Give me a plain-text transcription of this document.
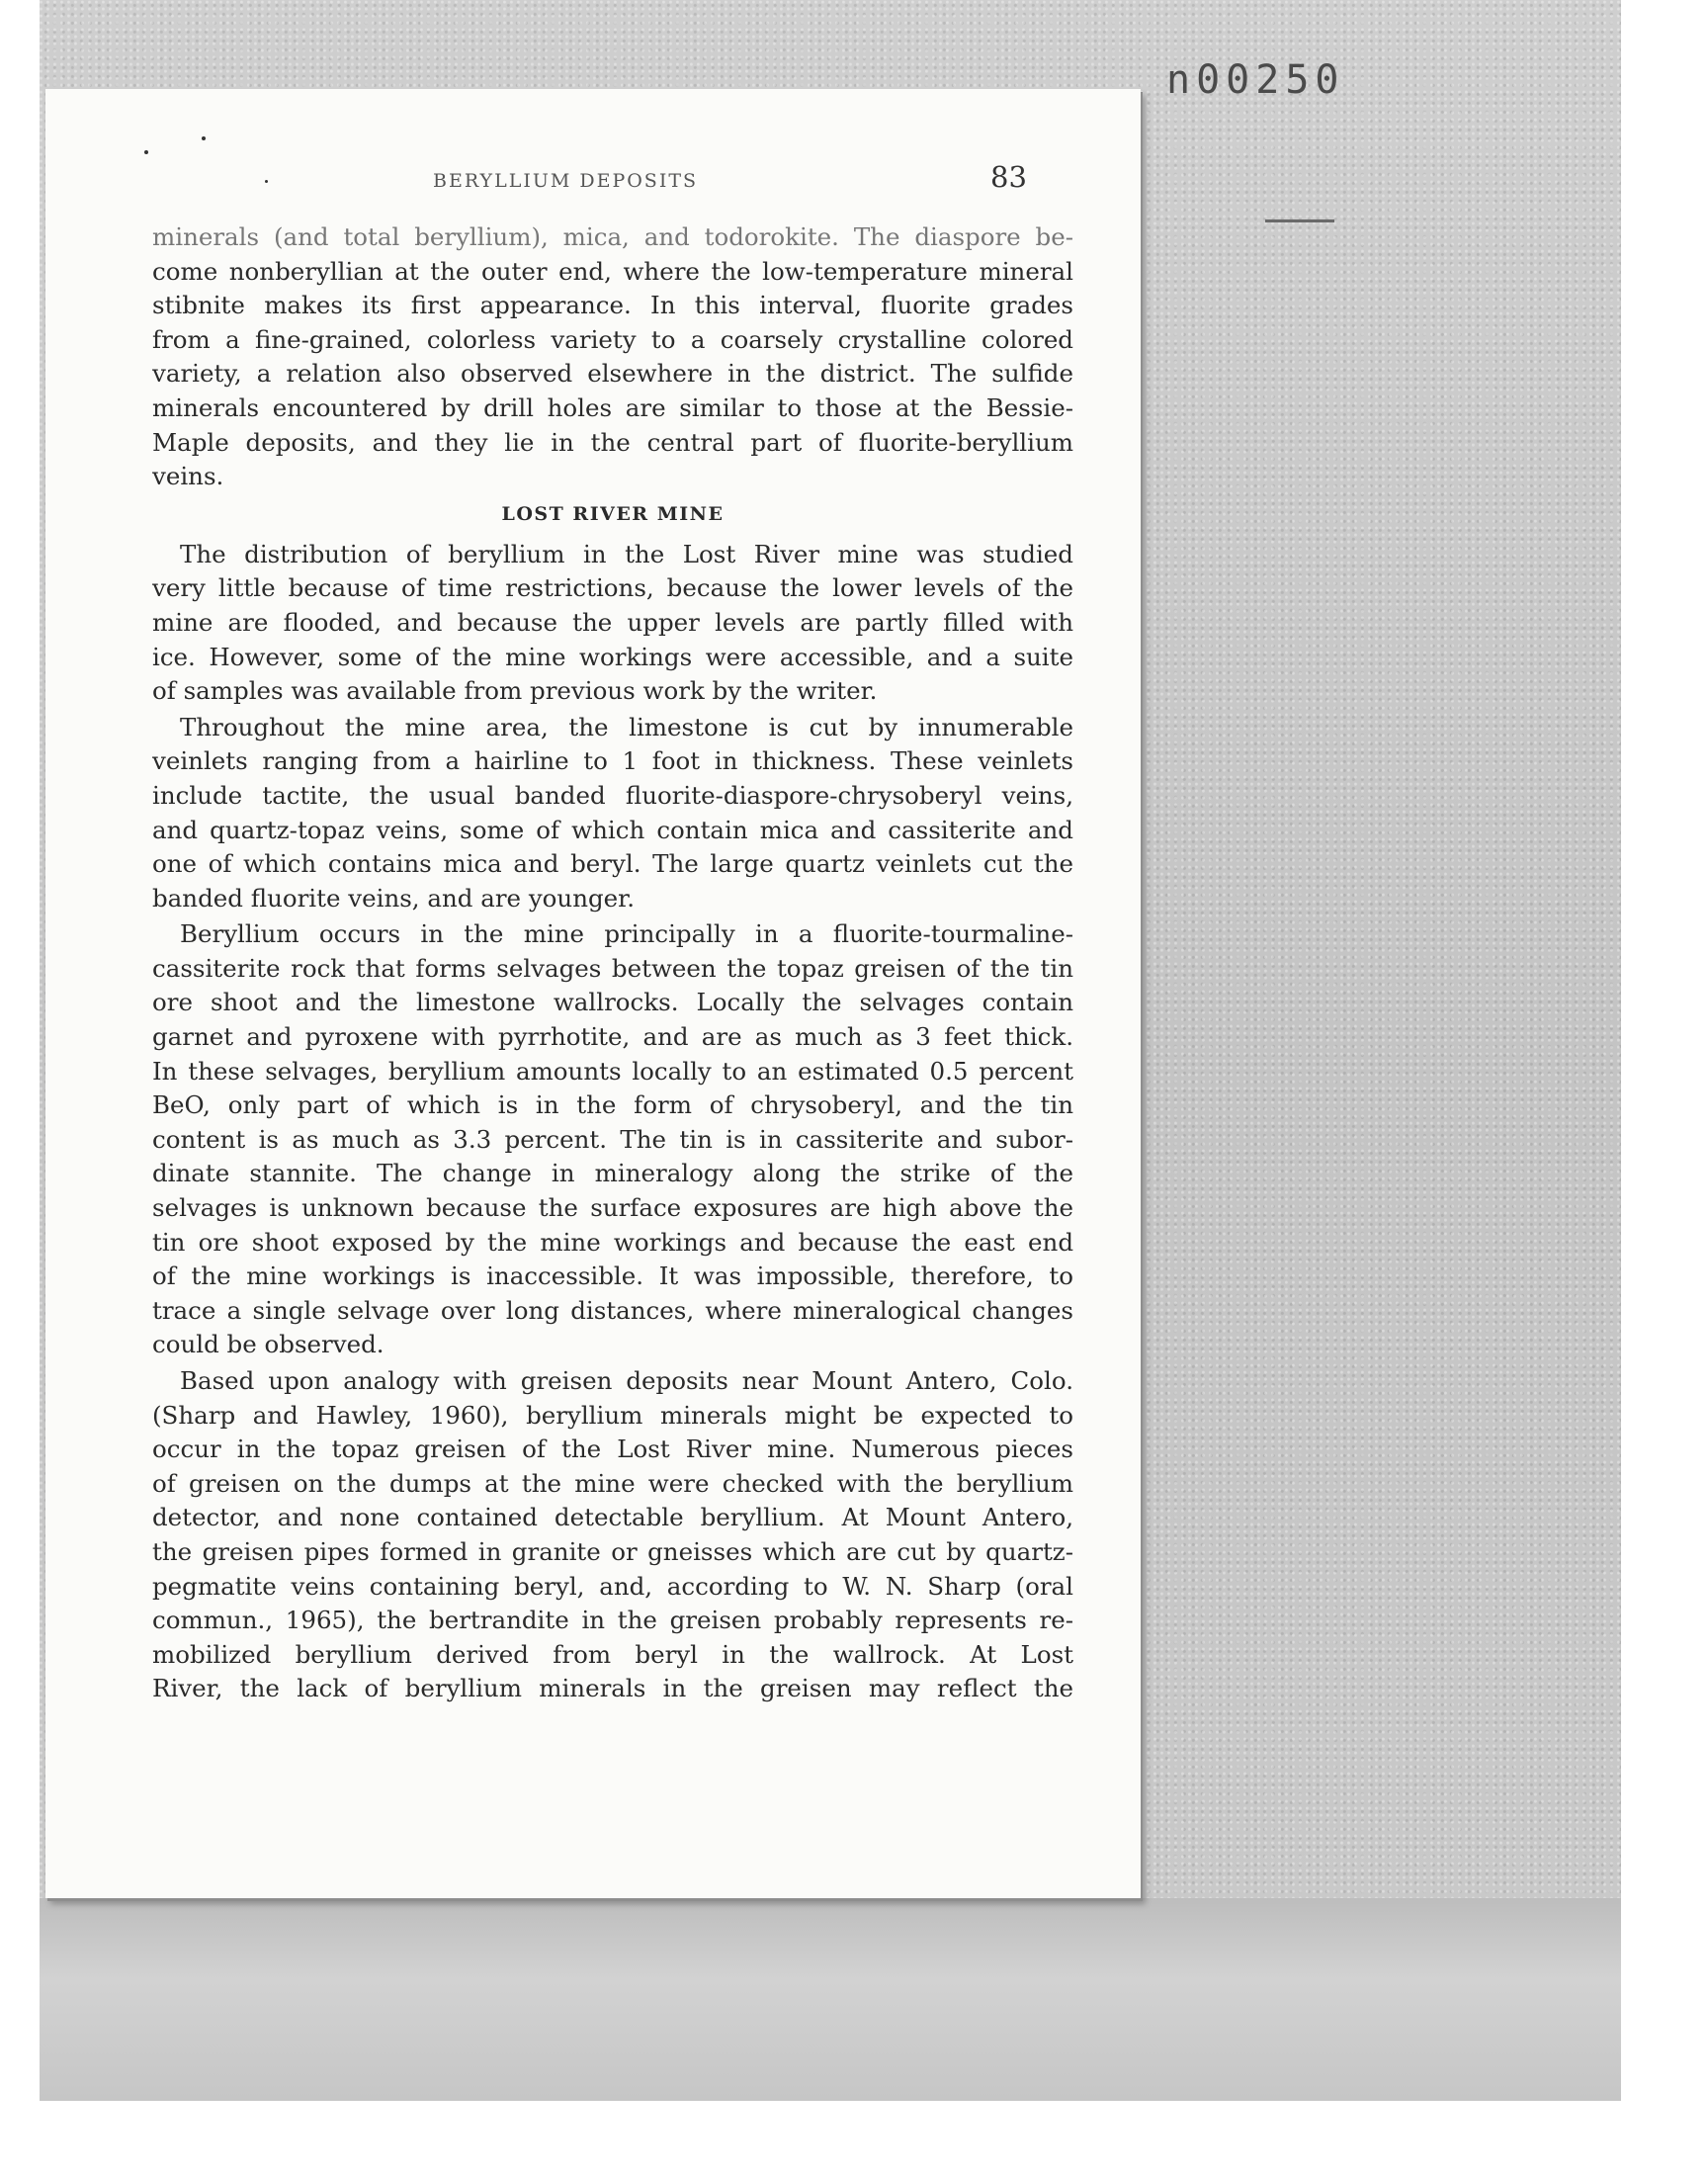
n00250
BERYLLIUM DEPOSITS	83
minerals (and total beryllium), mica, and todorokite. The diaspore be-
come nonberyllian at the outer end, where the low-temperature mineral
stibnite makes its first appearance. In this interval, fluorite grades
from a fine-grained, colorless variety to a coarsely crystalline colored
variety, a relation also observed elsewhere in the district. The sulfide
minerals encountered by drill holes are similar to those at the Bessie-
Maple deposits, and they lie in the central part of fluorite-beryllium
veins.
LOST RIVER MINE
The distribution of beryllium in the Lost River mine was studied
very little because of time restrictions, because the lower levels of the
mine are flooded, and because the upper levels are partly filled with
ice. However, some of the mine workings were accessible, and a suite
of samples was available from previous work by the writer.
Throughout the mine area, the limestone is cut by innumerable
veinlets ranging from a hairline to 1 foot in thickness. These veinlets
include tactite, the usual banded fluorite-diaspore-chrysoberyl veins,
and quartz-topaz veins, some of which contain mica and cassiterite and
one of which contains mica and beryl. The large quartz veinlets cut the
banded fluorite veins, and are younger.
Beryllium occurs in the mine principally in a fluorite-tourmaline-
cassiterite rock that forms selvages between the topaz greisen of the tin
ore shoot and the limestone wallrocks. Locally the selvages contain
garnet and pyroxene with pyrrhotite, and are as much as 3 feet thick.
In these selvages, beryllium amounts locally to an estimated 0.5 percent
BeO, only part of which is in the form of chrysoberyl, and the tin
content is as much as 3.3 percent. The tin is in cassiterite and subor-
dinate stannite. The change in mineralogy along the strike of the
selvages is unknown because the surface exposures are high above the
tin ore shoot exposed by the mine workings and because the east end
of the mine workings is inaccessible. It was impossible, therefore, to
trace a single selvage over long distances, where mineralogical changes
could be observed.
Based upon analogy with greisen deposits near Mount Antero, Colo.
(Sharp and Hawley, 1960), beryllium minerals might be expected to
occur in the topaz greisen of the Lost River mine. Numerous pieces
of greisen on the dumps at the mine were checked with the beryllium
detector, and none contained detectable beryllium. At Mount Antero,
the greisen pipes formed in granite or gneisses which are cut by quartz-
pegmatite veins containing beryl, and, according to W. N. Sharp (oral
commun., 1965), the bertrandite in the greisen probably represents re-
mobilized beryllium derived from beryl in the wallrock. At Lost
River, the lack of beryllium minerals in the greisen may reflect the
